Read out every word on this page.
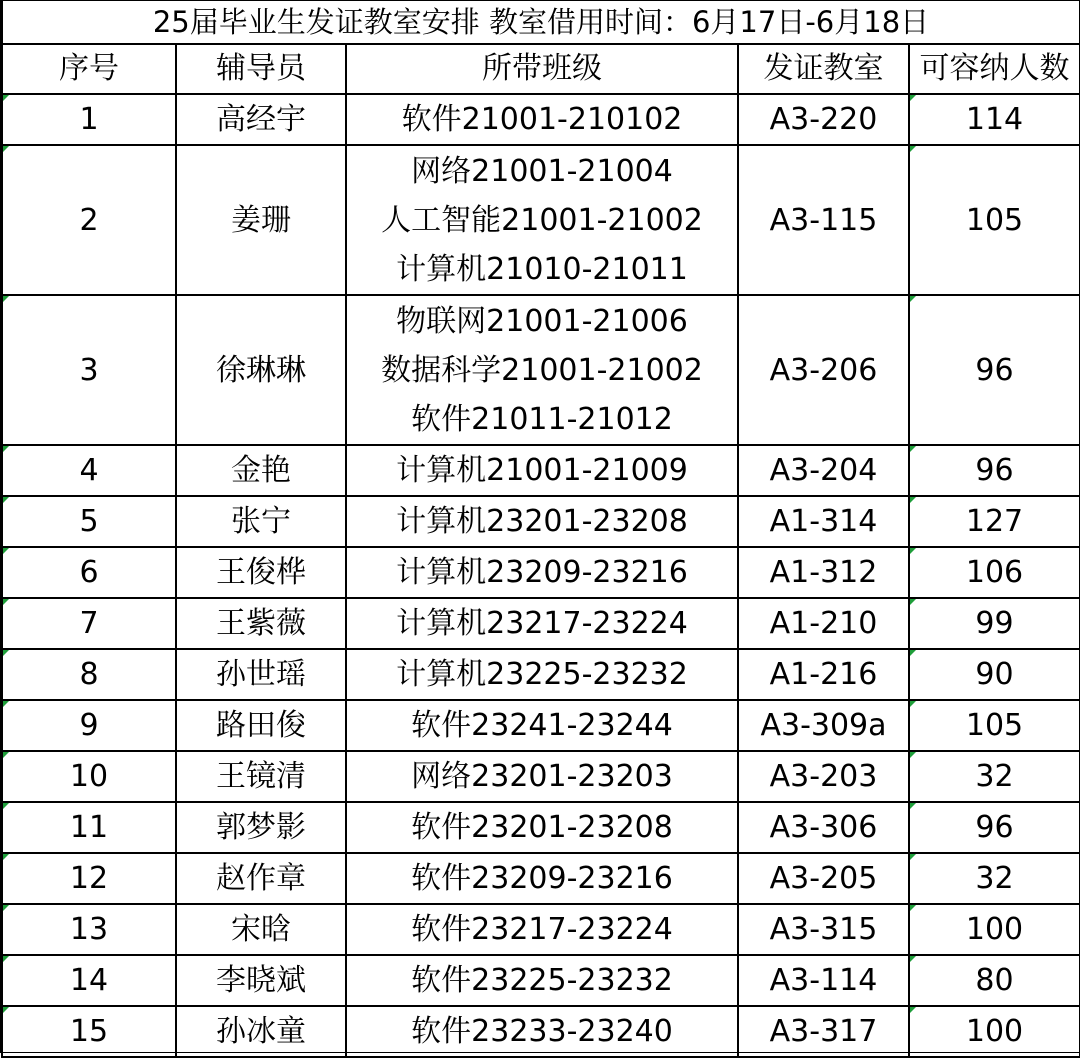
25届毕业生发证教室安排 教室借用时间：6月17日-6月18日				
序号	辅导员	所带班级	发证教室	可容纳人数
1	高经宇	软件21001-210102	A3-220	114
2	姜珊	网络21001-21004
人工智能21001-21002
计算机21010-21011	A3-115	105
3	徐琳琳	物联网21001-21006
数据科学21001-21002
软件21011-21012	A3-206	96
4	金艳	计算机21001-21009	A3-204	96
5	张宁	计算机23201-23208	A1-314	127
6	王俊桦	计算机23209-23216	A1-312	106
7	王紫薇	计算机23217-23224	A1-210	99
8	孙世瑶	计算机23225-23232	A1-216	90
9	路田俊	软件23241-23244	A3-309a	105
10	王镜清	网络23201-23203	A3-203	32
11	郭梦影	软件23201-23208	A3-306	96
12	赵作章	软件23209-23216	A3-205	32
13	宋晗	软件23217-23224	A3-315	100
14	李晓斌	软件23225-23232	A3-114	80
15	孙冰童	软件23233-23240	A3-317	100
